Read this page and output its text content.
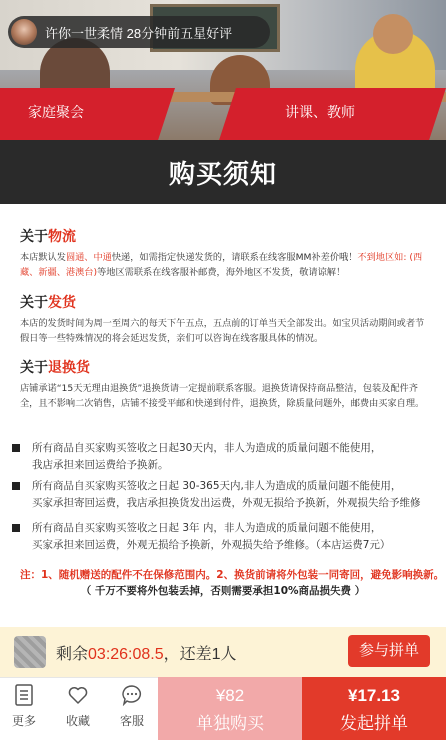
家庭聚会	讲课、教师
许你一世柔情 28分钟前五星好评
购买须知
关于物流

本店默认发圆通、中通快递，如需指定快递发货的，请联系在线客服MM补差价哦！不到地区如: (西藏、新疆、港澳台)等地区需联系在线客服补邮费，海外地区不发货，敬请谅解！

关于发货

本店的发货时间为周一至周六的每天下午五点，五点前的订单当天全部发出。如宝贝活动期间或者节假日等一些特殊情况的将会延迟发货，亲们可以咨询在线客服具体的情况。

关于退换货

店铺承诺“15天无理由退换货”退换货请一定提前联系客服。退换货请保持商品整洁，包装及配件齐全，且不影响二次销售，店铺不接受平邮和快递到付件，退换货，除质量问题外，邮费由买家自理。

所有商品自买家购买签收之日起30天内，非人为造成的质量问题不能使用，
我店承担来回运费给予换新。
所有商品自买家购买签收之日起 30-365天内,非人为造成的质量问题不能使用，
买家承担寄回运费，我店承担换货发出运费，外观无损给予换新，外观损失给予维修
所有商品自买家购买签收之日起 3年 内，非人为造成的质量问题不能使用，
买家承担来回运费，外观无损给予换新，外观损失给予维修。（本店运费7元）
注：1、随机赠送的配件不在保修范围内。2、换货前请将外包装一同寄回，避免影响换新。
（ 千万不要将外包装丢掉，否则需要承担10%商品损失费 ）
剩余03:26:08.5，还差1人	参与拼单
更多	收藏	客服
¥82
单独购买
¥17.13
发起拼单
